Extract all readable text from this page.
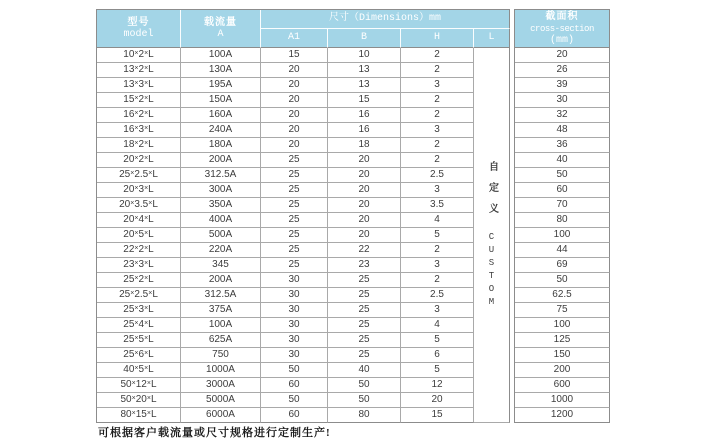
型号
model
载流量
A
尺寸（Dimensions）mm
A1	B	H	L
自定义
CUSTOM
10× 2× L	100A	15	10	2
13× 2× L	130A	20	13	2
13× 3× L	195A	20	13	3
15× 2× L	150A	20	15	2
16× 2× L	160A	20	16	2
16× 3× L	240A	20	16	3
18× 2× L	180A	20	18	2
20× 2× L	200A	25	20	2
25× 2.5× L	312.5A	25	20	2.5
20× 3× L	300A	25	20	3
20× 3.5× L	350A	25	20	3.5
20× 4× L	400A	25	20	4
20× 5× L	500A	25	20	5
22× 2× L	220A	25	22	2
23× 3× L	345	25	23	3
25× 2× L	200A	30	25	2
25× 2.5× L	312.5A	30	25	2.5
25× 3× L	375A	30	25	3
25× 4× L	100A	30	25	4
25× 5× L	625A	30	25	5
25× 6× L	750	30	25	6
40× 5× L	1000A	50	40	5
50× 12× L	3000A	60	50	12
50× 20× L	5000A	50	50	20
80× 15× L	6000A	60	80	15
截面积
cross-section
(mm)
20
26
39
30
32
48
36
40
50
60
70
80
100
44
69
50
62.5
75
100
125
150
200
600
1000
1200
可根据客户载流量或尺寸规格进行定制生产!
